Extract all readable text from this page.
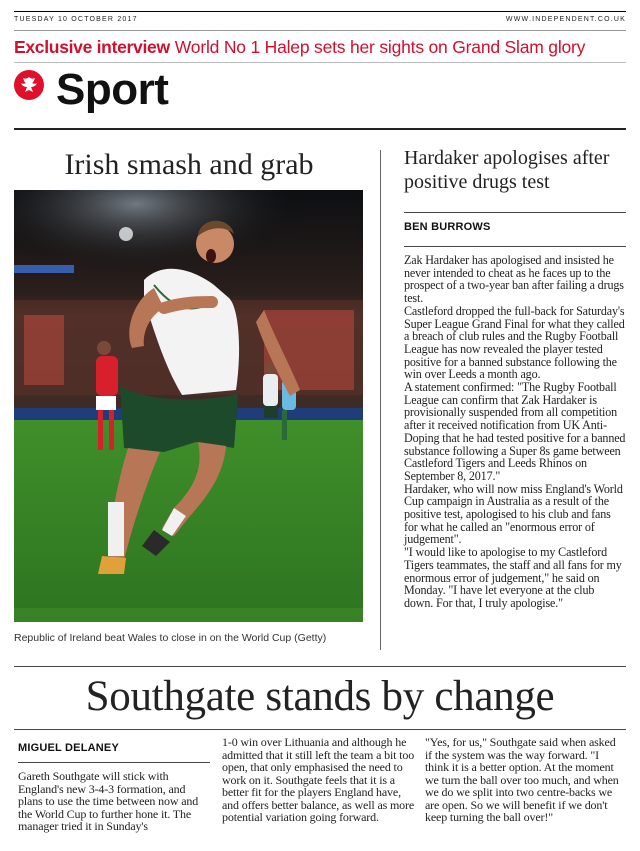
TUESDAY 10 OCTOBER 2017	WWW.INDEPENDENT.CO.UK
Exclusive interview World No 1 Halep sets her sights on Grand Slam glory
Sport
Irish smash and grab
Republic of Ireland beat Wales to close in on the World Cup (Getty)
Hardaker apologises after positive drugs test
BEN BURROWS

Zak Hardaker has apologised and insisted he never intended to cheat as he faces up to the prospect of a two-year ban after failing a drugs test.

Castleford dropped the full-back for Saturday's Super League Grand Final for what they called a breach of club rules and the Rugby Football League has now revealed the player tested positive for a banned substance following the win over Leeds a month ago.

A statement confirmed: "The Rugby Football League can confirm that Zak Hardaker is provisionally suspended from all competition after it received notification from UK Anti-Doping that he had tested positive for a banned substance following a Super 8s game between Castleford Tigers and Leeds Rhinos on September 8, 2017."

Hardaker, who will now miss England's World Cup campaign in Australia as a result of the positive test, apologised to his club and fans for what he called an "enormous error of judgement".

"I would like to apologise to my Castleford Tigers teammates, the staff and all fans for my enormous error of judgement," he said on Monday. "I have let everyone at the club down. For that, I truly apologise."

Southgate stands by change
MIGUEL DELANEY

Gareth Southgate will stick with England's new 3-4-3 formation, and plans to use the time between now and the World Cup to further hone it. The manager tried it in Sunday's

1-0 win over Lithuania and although he admitted that it still left the team a bit too open, that only emphasised the need to work on it. Southgate feels that it is a better fit for the players England have, and offers better balance, as well as more potential variation going forward.

"Yes, for us," Southgate said when asked if the system was the way forward. "I think it is a better option. At the moment we turn the ball over too much, and when we do we split into two centre-backs we are open. So we will benefit if we don't keep turning the ball over!"
